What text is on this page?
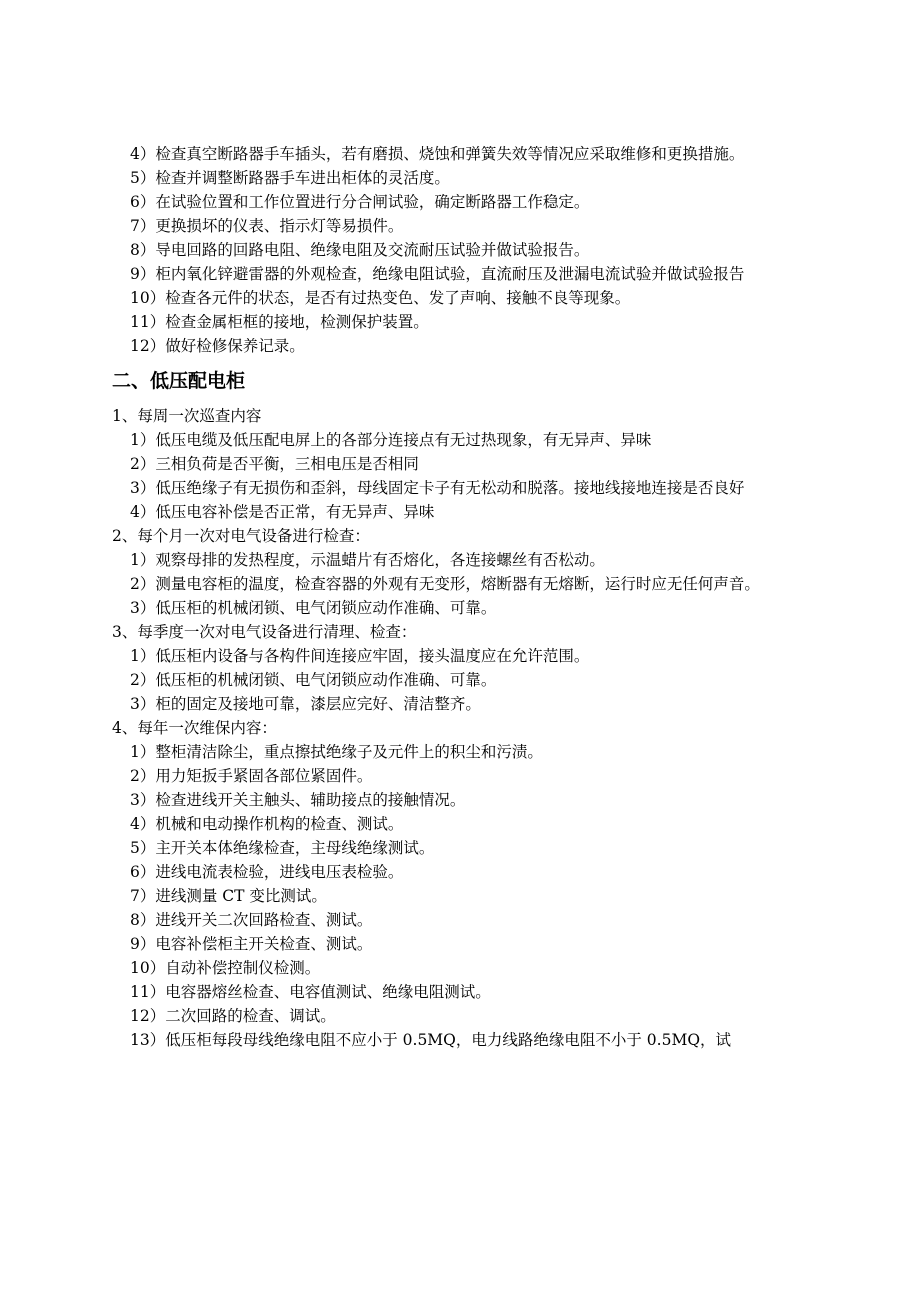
4）检查真空断路器手车插头，若有磨损、烧蚀和弹簧失效等情况应采取维修和更换措施。

5）检查并调整断路器手车进出柜体的灵活度。

6）在试验位置和工作位置进行分合闸试验，确定断路器工作稳定。

7）更换损坏的仪表、指示灯等易损件。

8）导电回路的回路电阻、绝缘电阻及交流耐压试验并做试验报告。

9）柜内氧化锌避雷器的外观检查，绝缘电阻试验，直流耐压及泄漏电流试验并做试验报告

10）检查各元件的状态，是否有过热变色、发了声响、接触不良等现象。

11）检查金属柜框的接地，检测保护装置。

12）做好检修保养记录。

二、低压配电柜

1、每周一次巡查内容

1）低压电缆及低压配电屏上的各部分连接点有无过热现象，有无异声、异味

2）三相负荷是否平衡，三相电压是否相同

3）低压绝缘子有无损伤和歪斜，母线固定卡子有无松动和脱落。接地线接地连接是否良好

4）低压电容补偿是否正常，有无异声、异味

2、每个月一次对电气设备进行检查：

1）观察母排的发热程度，示温蜡片有否熔化，各连接螺丝有否松动。

2）测量电容柜的温度，检查容器的外观有无变形，熔断器有无熔断，运行时应无任何声音。

3）低压柜的机械闭锁、电气闭锁应动作准确、可靠。

3、每季度一次对电气设备进行清理、检查：

1）低压柜内设备与各构件间连接应牢固，接头温度应在允许范围。

2）低压柜的机械闭锁、电气闭锁应动作准确、可靠。

3）柜的固定及接地可靠，漆层应完好、清洁整齐。

4、每年一次维保内容：

1）整柜清洁除尘，重点擦拭绝缘子及元件上的积尘和污渍。

2）用力矩扳手紧固各部位紧固件。

3）检查进线开关主触头、辅助接点的接触情况。

4）机械和电动操作机构的检查、测试。

5）主开关本体绝缘检查，主母线绝缘测试。

6）进线电流表检验，进线电压表检验。

7）进线测量 CT 变比测试。

8）进线开关二次回路检查、测试。

9）电容补偿柜主开关检查、测试。

10）自动补偿控制仪检测。

11）电容器熔丝检查、电容值测试、绝缘电阻测试。

12）二次回路的检查、调试。

13）低压柜每段母线绝缘电阻不应小于 0.5MQ，电力线路绝缘电阻不小于 0.5MQ，试
